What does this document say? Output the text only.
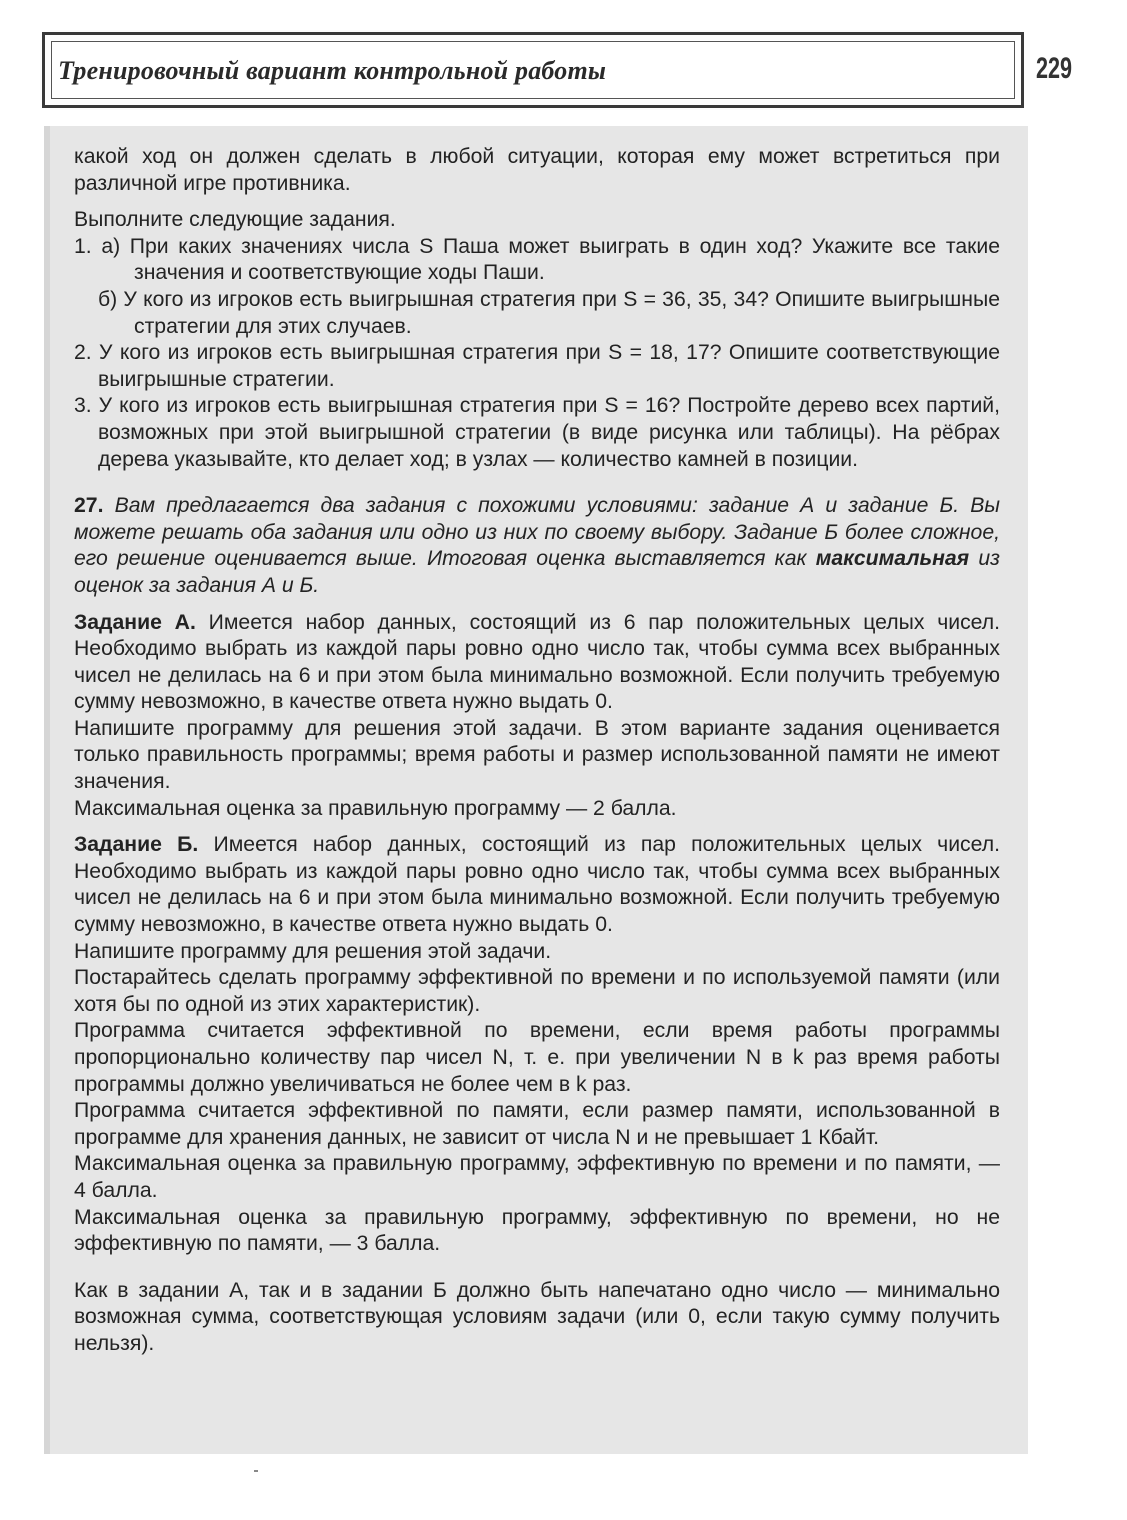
Тренировочный вариант контрольной работы	229

какой ход он должен сделать в любой ситуации, которая ему может встретиться при различной игре противника.

Выполните следующие задания.

1. а) При каких значениях числа S Паша может выиграть в один ход? Укажите все такие значения и соответствующие ходы Паши.

б) У кого из игроков есть выигрышная стратегия при S = 36, 35, 34? Опишите выигрышные стратегии для этих случаев.

2. У кого из игроков есть выигрышная стратегия при S = 18, 17? Опишите соответствующие выигрышные стратегии.

3. У кого из игроков есть выигрышная стратегия при S = 16? Постройте дерево всех партий, возможных при этой выигрышной стратегии (в виде рисунка или таблицы). На рёбрах дерева указывайте, кто делает ход; в узлах — количество камней в позиции.

27. Вам предлагается два задания с похожими условиями: задание А и задание Б. Вы можете решать оба задания или одно из них по своему выбору. Задание Б более сложное, его решение оценивается выше. Итоговая оценка выставляется как максимальная из оценок за задания А и Б.

Задание А. Имеется набор данных, состоящий из 6 пар положительных целых чисел. Необходимо выбрать из каждой пары ровно одно число так, чтобы сумма всех выбранных чисел не делилась на 6 и при этом была минимально возможной. Если получить требуемую сумму невозможно, в качестве ответа нужно выдать 0.

Напишите программу для решения этой задачи. В этом варианте задания оценивается только правильность программы; время работы и размер использованной памяти не имеют значения.

Максимальная оценка за правильную программу — 2 балла.

Задание Б. Имеется набор данных, состоящий из пар положительных целых чисел. Необходимо выбрать из каждой пары ровно одно число так, чтобы сумма всех выбранных чисел не делилась на 6 и при этом была минимально возможной. Если получить требуемую сумму невозможно, в качестве ответа нужно выдать 0.

Напишите программу для решения этой задачи.

Постарайтесь сделать программу эффективной по времени и по используемой памяти (или хотя бы по одной из этих характеристик).

Программа считается эффективной по времени, если время работы программы пропорционально количеству пар чисел N, т. е. при увеличении N в k раз время работы программы должно увеличиваться не более чем в k раз.

Программа считается эффективной по памяти, если размер памяти, использованной в программе для хранения данных, не зависит от числа N и не превышает 1 Кбайт.

Максимальная оценка за правильную программу, эффективную по времени и по памяти, — 4 балла.

Максимальная оценка за правильную программу, эффективную по времени, но не эффективную по памяти, — 3 балла.

Как в задании А, так и в задании Б должно быть напечатано одно число — минимально возможная сумма, соответствующая условиям задачи (или 0, если такую сумму получить нельзя).
